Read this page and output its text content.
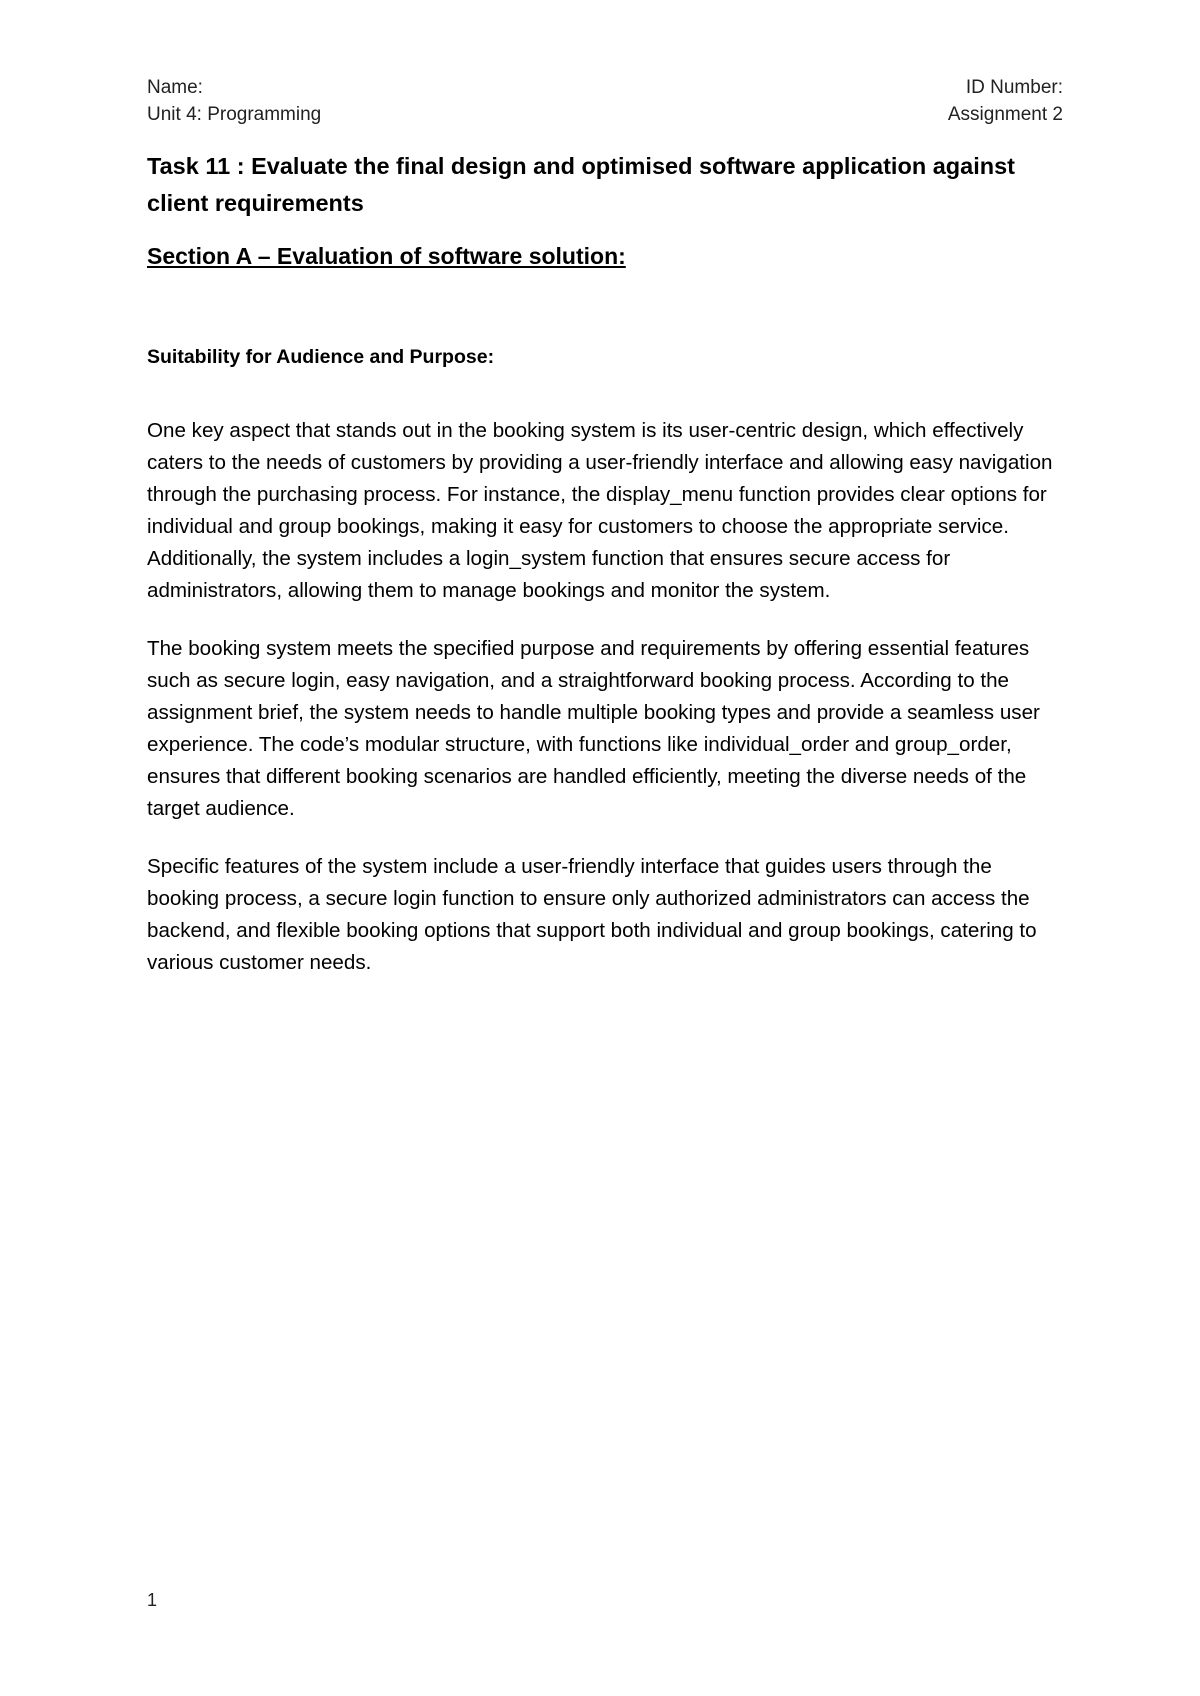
Name:	ID Number:
Unit 4: Programming	Assignment 2
Task 11 : Evaluate the final design and optimised software application against client requirements
Section A – Evaluation of software solution:
Suitability for Audience and Purpose:

One key aspect that stands out in the booking system is its user-centric design, which effectively caters to the needs of customers by providing a user-friendly interface and allowing easy navigation through the purchasing process. For instance, the display_menu function provides clear options for individual and group bookings, making it easy for customers to choose the appropriate service. Additionally, the system includes a login_system function that ensures secure access for administrators, allowing them to manage bookings and monitor the system.

The booking system meets the specified purpose and requirements by offering essential features such as secure login, easy navigation, and a straightforward booking process. According to the assignment brief, the system needs to handle multiple booking types and provide a seamless user experience. The code’s modular structure, with functions like individual_order and group_order, ensures that different booking scenarios are handled efficiently, meeting the diverse needs of the target audience.

Specific features of the system include a user-friendly interface that guides users through the booking process, a secure login function to ensure only authorized administrators can access the backend, and flexible booking options that support both individual and group bookings, catering to various customer needs.

1
